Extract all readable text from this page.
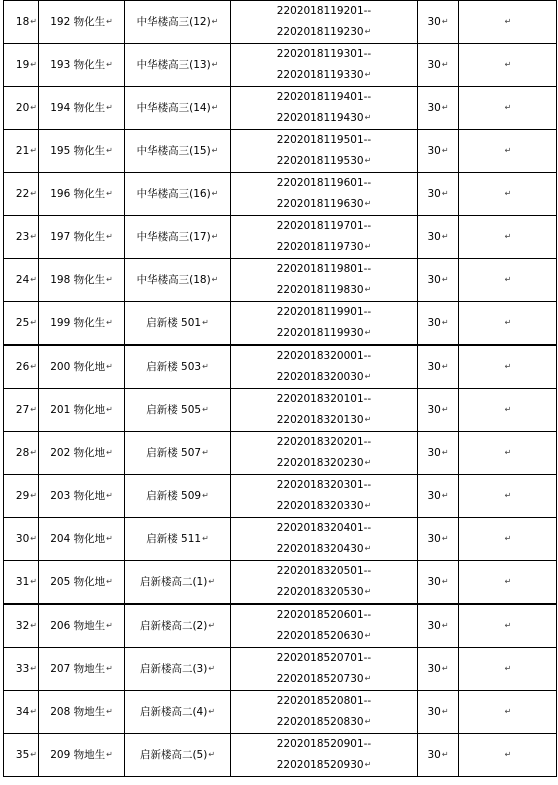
18↵	192 物化生↵	中华楼高三(12)↵	2202018119201--
2202018119230↵	30↵	↵
19↵	193 物化生↵	中华楼高三(13)↵	2202018119301--
2202018119330↵	30↵	↵
20↵	194 物化生↵	中华楼高三(14)↵	2202018119401--
2202018119430↵	30↵	↵
21↵	195 物化生↵	中华楼高三(15)↵	2202018119501--
2202018119530↵	30↵	↵
22↵	196 物化生↵	中华楼高三(16)↵	2202018119601--
2202018119630↵	30↵	↵
23↵	197 物化生↵	中华楼高三(17)↵	2202018119701--
2202018119730↵	30↵	↵
24↵	198 物化生↵	中华楼高三(18)↵	2202018119801--
2202018119830↵	30↵	↵
25↵	199 物化生↵	启新楼 501↵	2202018119901--
2202018119930↵	30↵	↵
26↵	200 物化地↵	启新楼 503↵	2202018320001--
2202018320030↵	30↵	↵
27↵	201 物化地↵	启新楼 505↵	2202018320101--
2202018320130↵	30↵	↵
28↵	202 物化地↵	启新楼 507↵	2202018320201--
2202018320230↵	30↵	↵
29↵	203 物化地↵	启新楼 509↵	2202018320301--
2202018320330↵	30↵	↵
30↵	204 物化地↵	启新楼 511↵	2202018320401--
2202018320430↵	30↵	↵
31↵	205 物化地↵	启新楼高二(1)↵	2202018320501--
2202018320530↵	30↵	↵
32↵	206 物地生↵	启新楼高二(2)↵	2202018520601--
2202018520630↵	30↵	↵
33↵	207 物地生↵	启新楼高二(3)↵	2202018520701--
2202018520730↵	30↵	↵
34↵	208 物地生↵	启新楼高二(4)↵	2202018520801--
2202018520830↵	30↵	↵
35↵	209 物地生↵	启新楼高二(5)↵	2202018520901--
2202018520930↵	30↵	↵
